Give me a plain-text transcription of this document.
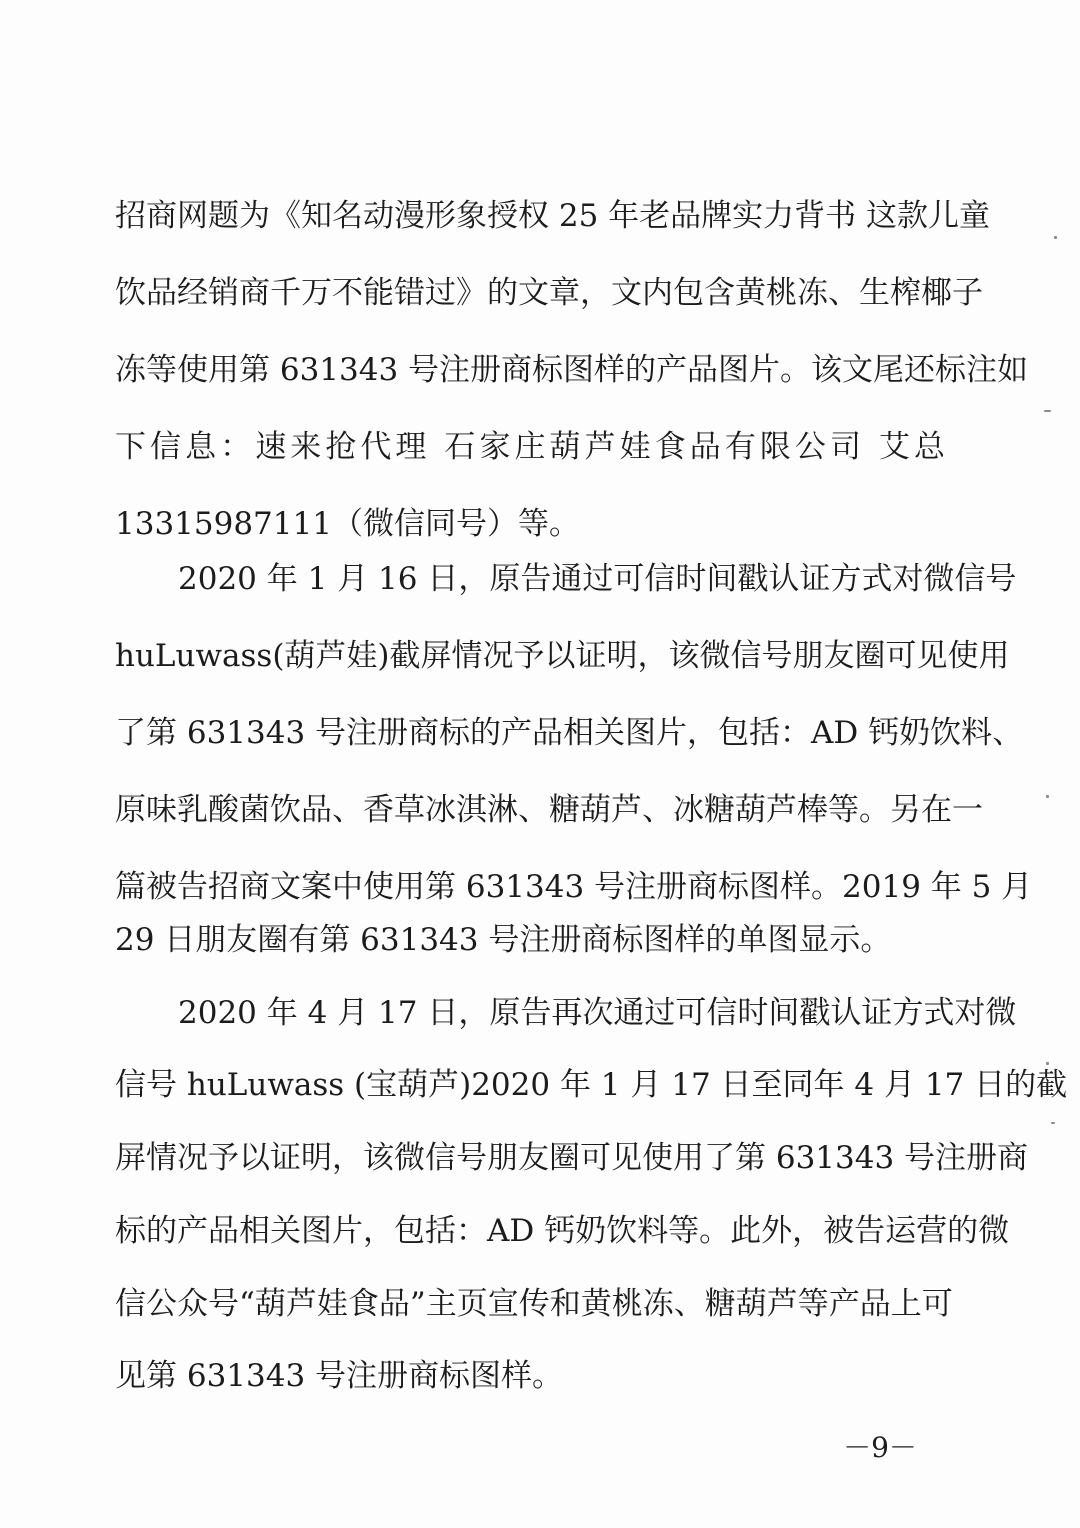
招商网题为《知名动漫形象授权 25 年老品牌实力背书 这款儿童
饮品经销商千万不能错过》的文章，文内包含黄桃冻、生榨椰子
冻等使用第 631343 号注册商标图样的产品图片。该文尾还标注如
下信息：速来抢代理 石家庄葫芦娃食品有限公司 艾总
13315987111（微信同号）等。
2020 年 1 月 16 日，原告通过可信时间戳认证方式对微信号
huLuwass(葫芦娃)截屏情况予以证明，该微信号朋友圈可见使用
了第 631343 号注册商标的产品相关图片，包括：AD 钙奶饮料、
原味乳酸菌饮品、香草冰淇淋、糖葫芦、冰糖葫芦棒等。另在一
篇被告招商文案中使用第 631343 号注册商标图样。2019 年 5 月
29 日朋友圈有第 631343 号注册商标图样的单图显示。
2020 年 4 月 17 日，原告再次通过可信时间戳认证方式对微
信号 huLuwass (宝葫芦)2020 年 1 月 17 日至同年 4 月 17 日的截
屏情况予以证明，该微信号朋友圈可见使用了第 631343 号注册商
标的产品相关图片，包括：AD 钙奶饮料等。此外，被告运营的微
信公众号“葫芦娃食品”主页宣传和黄桃冻、糖葫芦等产品上可
见第 631343 号注册商标图样。
－9－
